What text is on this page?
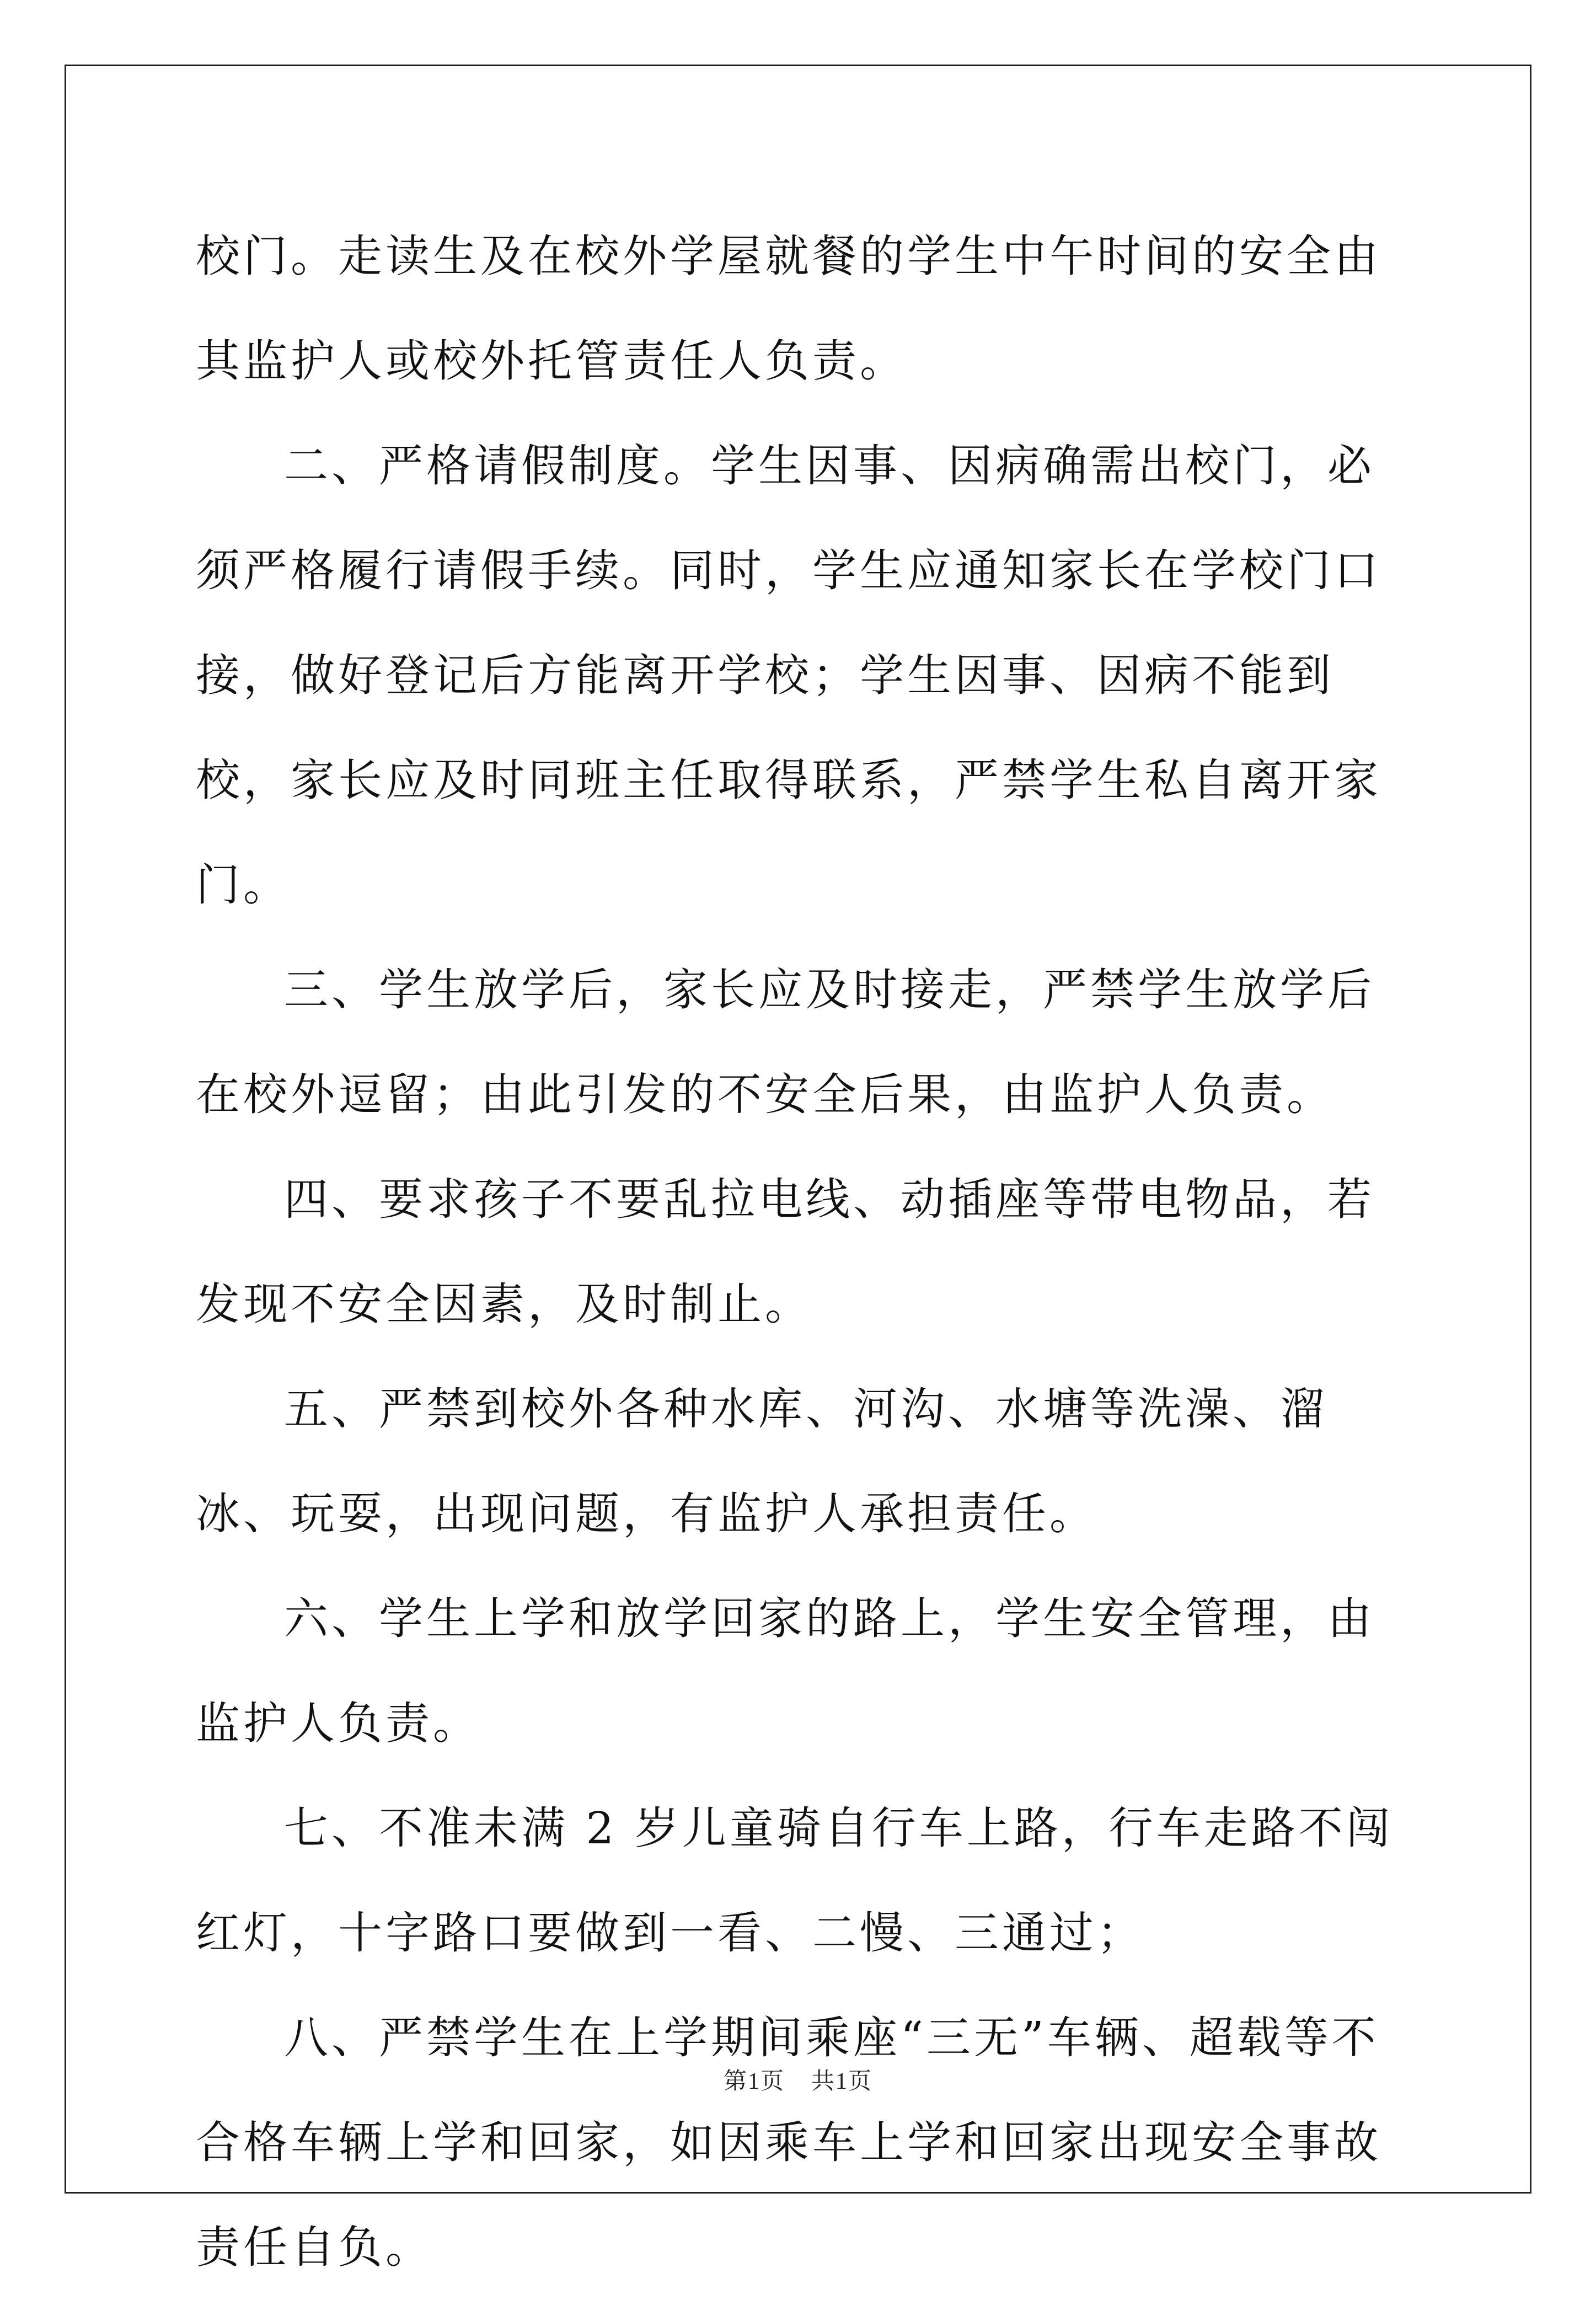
校门。走读生及在校外学屋就餐的学生中午时间的安全由其监护人或校外托管责任人负责。

二、严格请假制度。学生因事、因病确需出校门，必须严格履行请假手续。同时，学生应通知家长在学校门口接，做好登记后方能离开学校；学生因事、因病不能到校，家长应及时同班主任取得联系，严禁学生私自离开家门。

三、学生放学后，家长应及时接走，严禁学生放学后在校外逗留；由此引发的不安全后果，由监护人负责。

四、要求孩子不要乱拉电线、动插座等带电物品，若发现不安全因素，及时制止。

五、严禁到校外各种水库、河沟、水塘等洗澡、溜冰、玩耍，出现问题，有监护人承担责任。

六、学生上学和放学回家的路上，学生安全管理，由监护人负责。

七、不准未满 2 岁儿童骑自行车上路，行车走路不闯红灯，十字路口要做到一看、二慢、三通过；

八、严禁学生在上学期间乘座“三无”车辆、超载等不合格车辆上学和回家，如因乘车上学和回家出现安全事故责任自负。

第1页 共1页
